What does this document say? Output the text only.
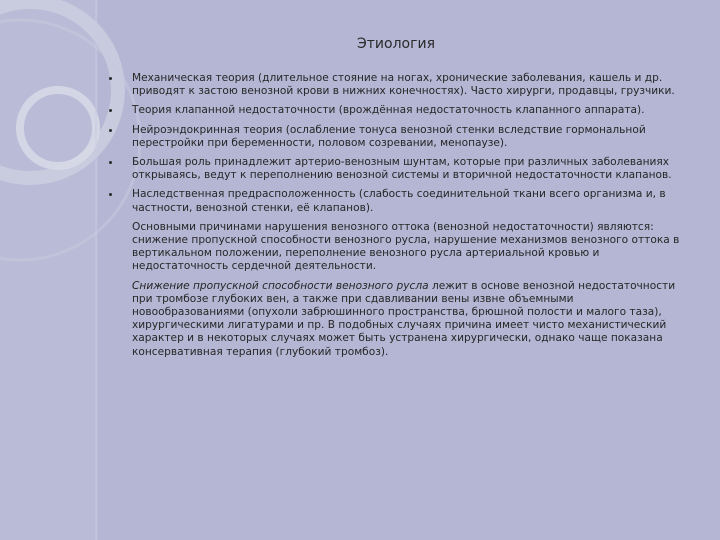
Этиология
Механическая теория (длительное стояние на ногах, хронические заболевания, кашель и др. приводят к застою венозной крови в нижних конечностях). Часто хирурги, продавцы, грузчики.
Теория клапанной недостаточности (врождённая недостаточность клапанного аппарата).
Нейроэндокринная теория (ослабление тонуса венозной стенки вследствие гормональной перестройки при беременности, половом созревании, менопаузе).
Большая роль принадлежит артерио-венозным шунтам, которые при различных заболеваниях открываясь, ведут к переполнению венозной системы и вторичной недостаточности клапанов.
Наследственная предрасположенность (слабость соединительной ткани всего организма и, в частности, венозной стенки, её клапанов).

Основными причинами нарушения венозного оттока (венозной недостаточности) являются: снижение пропускной способности венозного русла, нарушение механизмов венозного оттока в вертикальном положении, переполнение венозного русла артериальной кровью и недостаточность сердечной деятельности.

Снижение пропускной способности венозного русла лежит в основе венозной недостаточности при тромбозе глубоких вен, а также при сдавливании вены извне объемными новообразованиями (опухоли забрюшинного пространства, брюшной полости и малого таза), хирургическими лигатурами и пр. В подобных случаях причина имеет чисто механистический характер и в некоторых случаях может быть устранена хирургически, однако чаще показана консервативная терапия (глубокий тромбоз).
